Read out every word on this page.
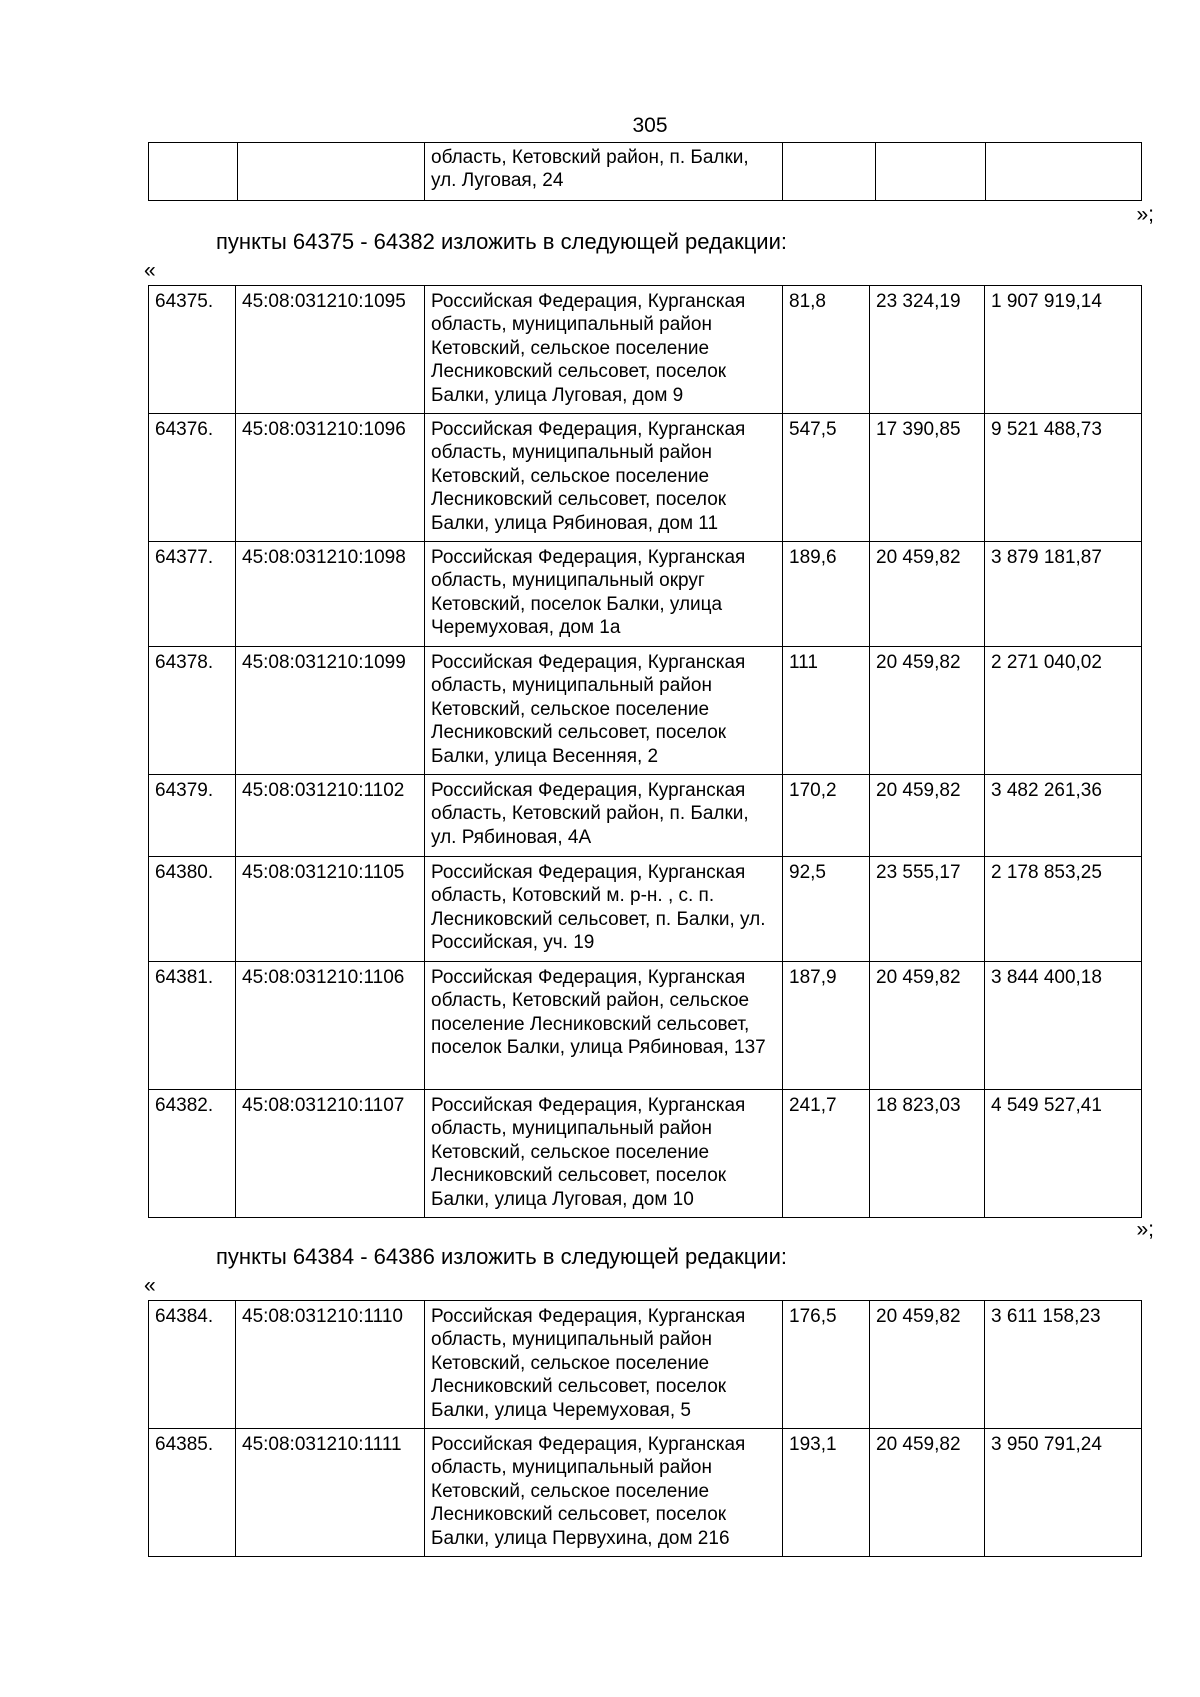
305
		область, Кетовский район, п. Балки, ул. Луговая, 24			
»;
пункты 64375 - 64382 изложить в следующей редакции:
«
64375.	45:08:031210:1095	Российская Федерация, Курганская область, муниципальный район Кетовский, сельское поселение Лесниковский сельсовет, поселок Балки, улица Луговая, дом 9	81,8	23 324,19	1 907 919,14
64376.	45:08:031210:1096	Российская Федерация, Курганская область, муниципальный район Кетовский, сельское поселение Лесниковский сельсовет, поселок Балки, улица Рябиновая, дом 11	547,5	17 390,85	9 521 488,73
64377.	45:08:031210:1098	Российская Федерация, Курганская область, муниципальный округ Кетовский, поселок Балки, улица Черемуховая, дом 1а	189,6	20 459,82	3 879 181,87
64378.	45:08:031210:1099	Российская Федерация, Курганская область, муниципальный район Кетовский, сельское поселение Лесниковский сельсовет, поселок Балки, улица Весенняя, 2	111	20 459,82	2 271 040,02
64379.	45:08:031210:1102	Российская Федерация, Курганская область, Кетовский район, п. Балки, ул. Рябиновая, 4А	170,2	20 459,82	3 482 261,36
64380.	45:08:031210:1105	Российская Федерация, Курганская область, Котовский м. р-н. , с. п. Лесниковский сельсовет, п. Балки, ул. Российская, уч. 19	92,5	23 555,17	2 178 853,25
64381.	45:08:031210:1106	Российская Федерация, Курганская область, Кетовский район, сельское поселение Лесниковский сельсовет, поселок Балки, улица Рябиновая, 137	187,9	20 459,82	3 844 400,18
64382.	45:08:031210:1107	Российская Федерация, Курганская область, муниципальный район Кетовский, сельское поселение Лесниковский сельсовет, поселок Балки, улица Луговая, дом 10	241,7	18 823,03	4 549 527,41
»;
пункты 64384 - 64386 изложить в следующей редакции:
«
64384.	45:08:031210:1110	Российская Федерация, Курганская область, муниципальный район Кетовский, сельское поселение Лесниковский сельсовет, поселок Балки, улица Черемуховая, 5	176,5	20 459,82	3 611 158,23
64385.	45:08:031210:1111	Российская Федерация, Курганская область, муниципальный район Кетовский, сельское поселение Лесниковский сельсовет, поселок Балки, улица Первухина, дом 216	193,1	20 459,82	3 950 791,24
